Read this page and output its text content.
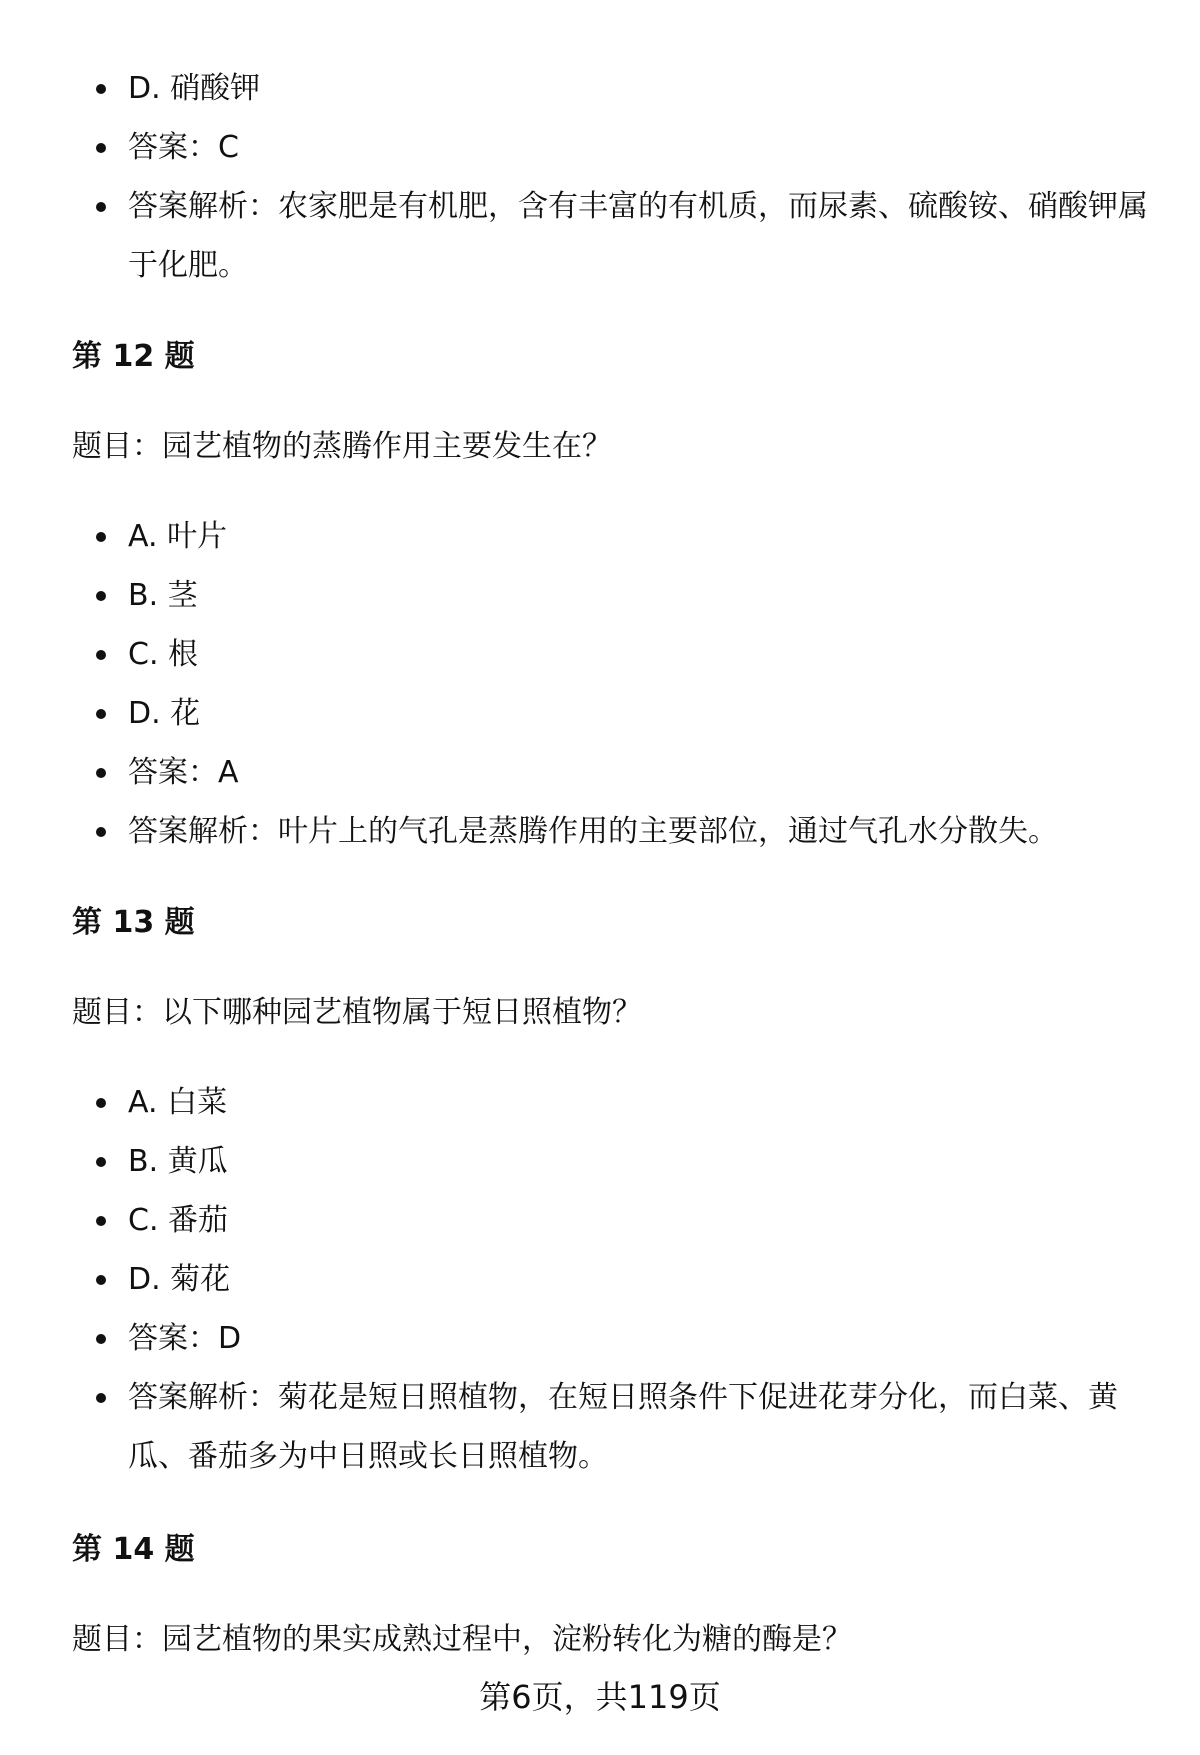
D. 硝酸钾
答案：C
答案解析：农家肥是有机肥，含有丰富的有机质，而尿素、硫酸铵、硝酸钾属于化肥。
第 12 题
题目：园艺植物的蒸腾作用主要发生在？
A. 叶片
B. 茎
C. 根
D. 花
答案：A
答案解析：叶片上的气孔是蒸腾作用的主要部位，通过气孔水分散失。
第 13 题
题目：以下哪种园艺植物属于短日照植物？
A. 白菜
B. 黄瓜
C. 番茄
D. 菊花
答案：D
答案解析：菊花是短日照植物，在短日照条件下促进花芽分化，而白菜、黄瓜、番茄多为中日照或长日照植物。
第 14 题
题目：园艺植物的果实成熟过程中，淀粉转化为糖的酶是？
第6页，共119页
